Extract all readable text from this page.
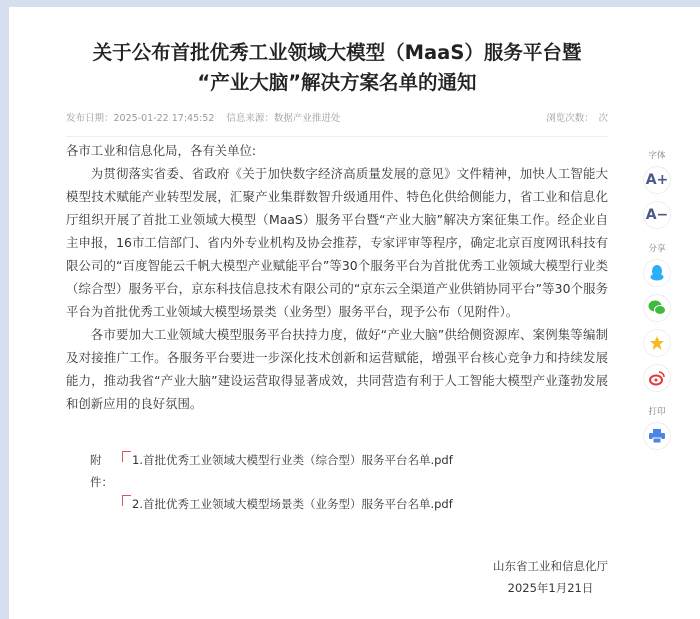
关于公布首批优秀工业领域大模型（MaaS）服务平台暨
“产业大脑”解决方案名单的通知
发布日期：2025-01-22 17:45:52 信息来源：数据产业推进处	浏览次数：　次

各市工业和信息化局，各有关单位:

为贯彻落实省委、省政府《关于加快数字经济高质量发展的意见》文件精神，加快人工智能大模型技术赋能产业转型发展，汇聚产业集群数智升级通用件、特色化供给侧能力，省工业和信息化厅组织开展了首批工业领域大模型（MaaS）服务平台暨“产业大脑”解决方案征集工作。经企业自主申报，16市工信部门、省内外专业机构及协会推荐，专家评审等程序，确定北京百度网讯科技有限公司的“百度智能云千帆大模型产业赋能平台”等30个服务平台为首批优秀工业领域大模型行业类（综合型）服务平台，京东科技信息技术有限公司的“京东云全渠道产业供销协同平台”等30个服务平台为首批优秀工业领域大模型场景类（业务型）服务平台，现予公布（见附件）。

各市要加大工业领域大模型服务平台扶持力度，做好“产业大脑”供给侧资源库、案例集等编制及对接推广工作。各服务平台要进一步深化技术创新和运营赋能，增强平台核心竞争力和持续发展能力，推动我省“产业大脑”建设运营取得显著成效，共同营造有利于人工智能大模型产业蓬勃发展和创新应用的良好氛围。

附件：
1.首批优秀工业领域大模型行业类（综合型）服务平台名单.pdf
2.首批优秀工业领域大模型场景类（业务型）服务平台名单.pdf
山东省工业和信息化厅
2025年1月21日
字体
A+
A−
分享
打印
